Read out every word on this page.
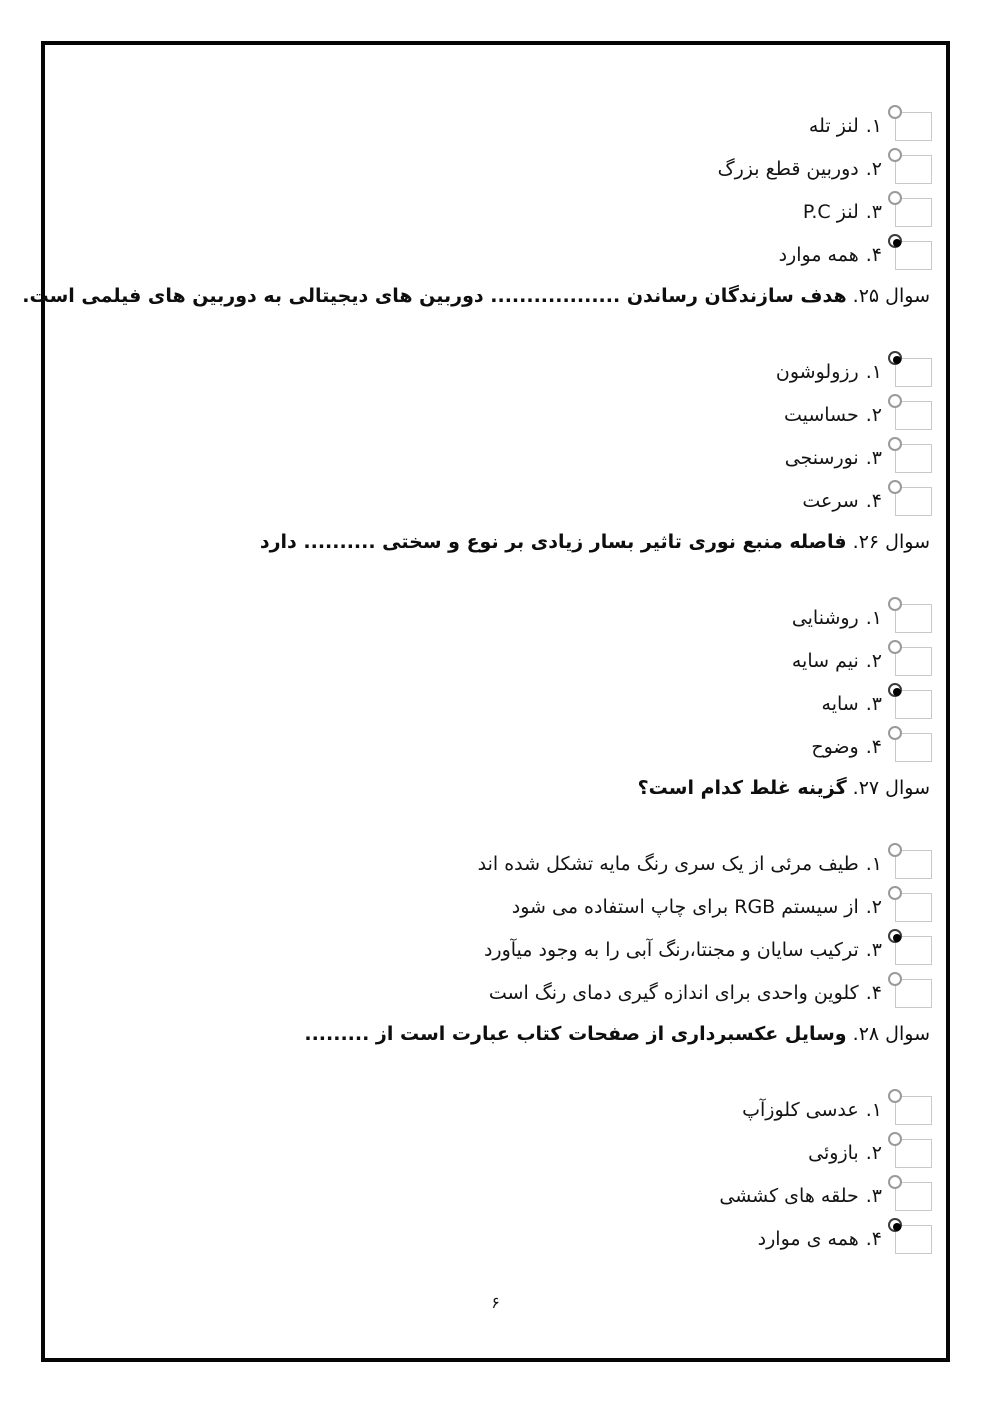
۱.
لنز تله
۲.
دوربین قطع بزرگ
۳.
لنز P.C
۴.
همه موارد
سوال ۲۵. هدف سازندگان رساندن .................. دوربین های دیجیتالی به دوربین های فیلمی است.
۱.
رزولوشون
۲.
حساسیت
۳.
نورسنجی
۴.
سرعت
سوال ۲۶. فاصله منبع نوری تاثیر بسار زیادی بر نوع و سختی .......... دارد
۱.
روشنایی
۲.
نیم سایه
۳.
سایه
۴.
وضوح
سوال ۲۷. گزینه غلط کدام است؟
۱.
طیف مرئی از یک سری رنگ مایه تشکل شده اند
۲.
از سیستم RGB برای چاپ استفاده می شود
۳.
ترکیب سایان و مجنتا،رنگ آبی را به وجود میآورد
۴.
کلوین واحدی برای اندازه گیری دمای رنگ است
سوال ۲۸. وسایل عکسبرداری از صفحات کتاب عبارت است از .........
۱.
عدسی کلوزآپ
۲.
بازوئی
۳.
حلقه های کششی
۴.
همه ی موارد
۶
